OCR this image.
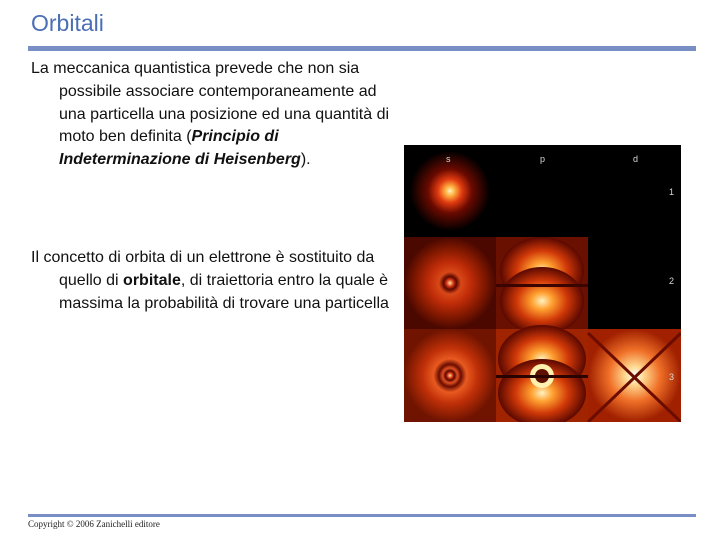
Orbitali

La meccanica quantistica prevede che non sia possibile associare contemporaneamente ad una particella una posizione ed una quantità di moto ben definita (Principio di Indeterminazione di Heisenberg).

Il concetto di orbita di un elettrone è sostituito da quello di orbitale, di traiettoria entro la quale è massima la probabilità di trovare una particella

s	p	d
1
2
3
Copyright © 2006 Zanichelli editore
